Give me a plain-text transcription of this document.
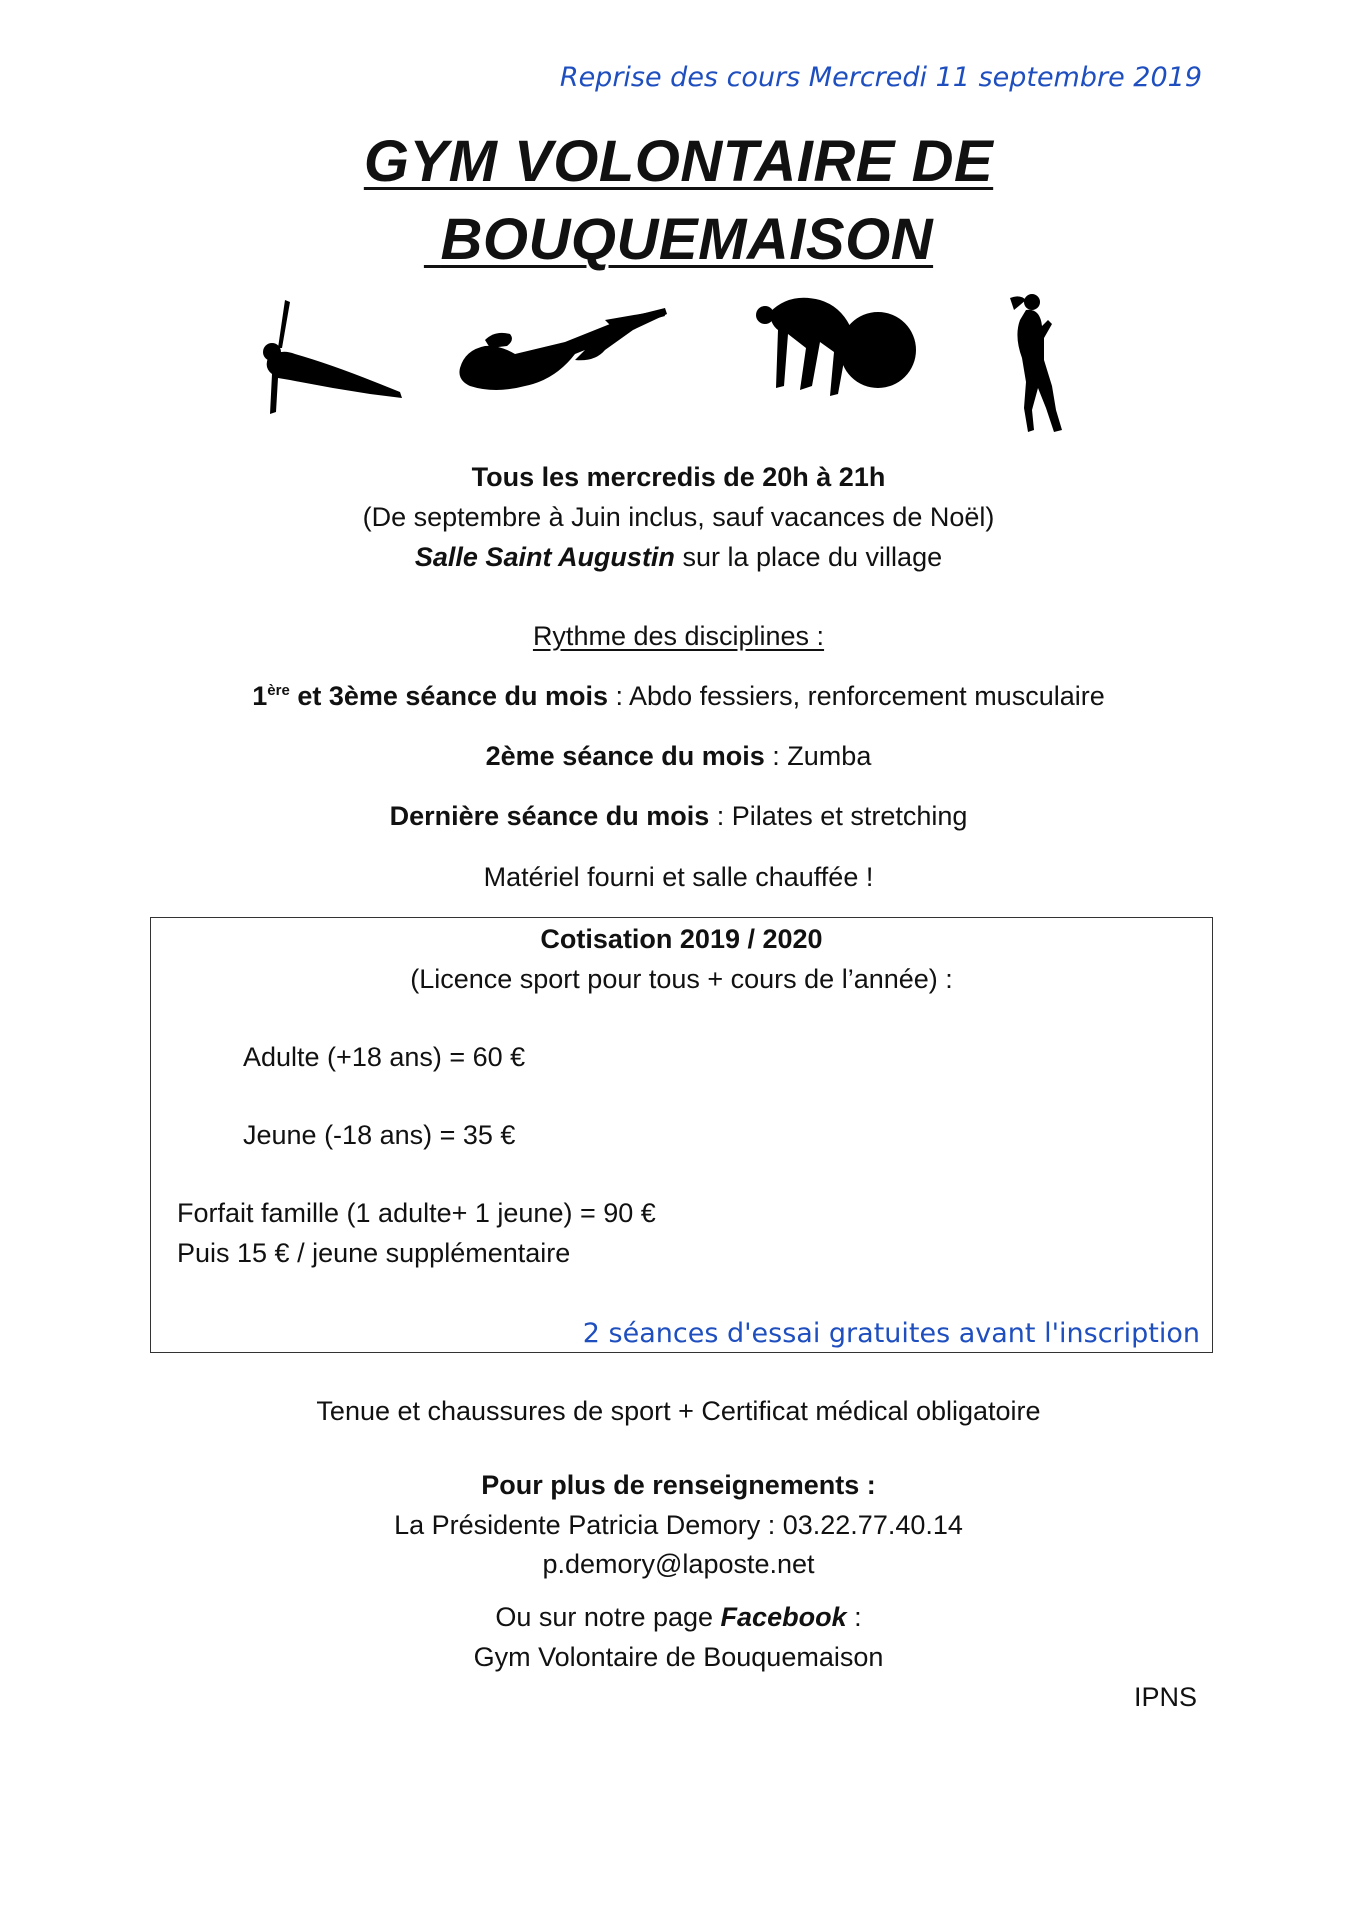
Reprise des cours Mercredi 11 septembre 2019
GYM VOLONTAIRE DE
BOUQUEMAISON
Tous les mercredis de 20h à 21h
(De septembre à Juin inclus, sauf vacances de Noël)
Salle Saint Augustin sur la place du village
Rythme des disciplines :
1ère et 3ème séance du mois : Abdo fessiers, renforcement musculaire
2ème séance du mois : Zumba
Dernière séance du mois : Pilates et stretching
Matériel fourni et salle chauffée !
Cotisation 2019 / 2020
(Licence sport pour tous + cours de l’année) :
Adulte (+18 ans) = 60 €
Jeune (-18 ans) = 35 €
Forfait famille (1 adulte+ 1 jeune) = 90 €
Puis 15 € / jeune supplémentaire
2 séances d'essai gratuites avant l'inscription
Tenue et chaussures de sport + Certificat médical obligatoire
Pour plus de renseignements :
La Présidente Patricia Demory : 03.22.77.40.14
p.demory@laposte.net
Ou sur notre page Facebook :
Gym Volontaire de Bouquemaison
IPNS
